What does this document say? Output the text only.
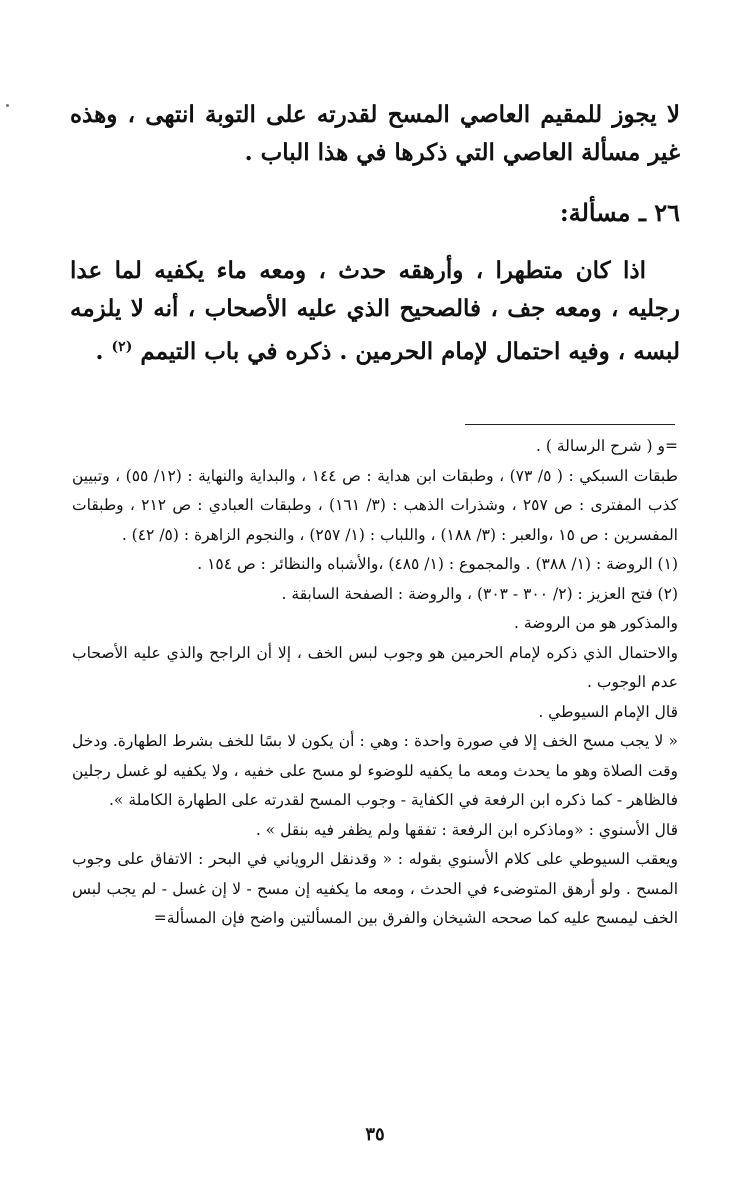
لا يجوز للمقيم العاصي المسح لقدرته على التوبة انتهى ، وهذه غير مسألة العاصي التي ذكرها في هذا الباب .

٢٦ ـ مسألة:

اذا كان متطهرا ، وأرهقه حدث ، ومعه ماء يكفيه لما عدا رجليه ، ومعه جف ، فالصحيح الذي عليه الأصحاب ، أنه لا يلزمه لبسه ، وفيه احتمال لإمام الحرمين . ذكره في باب التيمم $^{(٢)}$ .

=و ( شرح الرسالة ) .

طبقات السبكي : ( ٥/ ٧٣) ، وطبقات ابن هداية : ص ١٤٤ ، والبداية والنهاية : (١٢/ ٥٥) ، وتبيين كذب المفترى : ص ٢٥٧ ، وشذرات الذهب : (٣/ ١٦١) ، وطبقات العبادي : ص ٢١٢ ، وطبقات المفسرين : ص ١٥ ،والعبر : (٣/ ١٨٨) ، واللباب : (١/ ٢٥٧) ، والنجوم الزاهرة : (٥/ ٤٢) .

(١) الروضة : (١/ ٣٨٨) . والمجموع : (١/ ٤٨٥) ،والأشباه والنظائر : ص ١٥٤ .

(٢) فتح العزيز : (٢/ ٣٠٠ - ٣٠٣) ، والروضة : الصفحة السابقة .

والمذكور هو من الروضة .

والاحتمال الذي ذكره لإمام الحرمين هو وجوب لبس الخف ، إلا أن الراجح والذي عليه الأصحاب عدم الوجوب .

قال الإمام السيوطي .

« لا يجب مسح الخف إلا في صورة واحدة : وهي : أن يكون لا بسًا للخف بشرط الطهارة. ودخل وقت الصلاة وهو ما يحدث ومعه ما يكفيه للوضوء لو مسح على خفيه ، ولا يكفيه لو غسل رجلين فالظاهر - كما ذكره ابن الرفعة في الكفاية - وجوب المسح لقدرته على الطهارة الكاملة ».

قال الأسنوي : «وماذكره ابن الرفعة : تفقها ولم يظفر فيه بنقل » .

ويعقب السيوطي على كلام الأسنوي بقوله : « وقدنقل الروياني في البحر : الاتفاق على وجوب المسح . ولو أرهق المتوضىء في الحدث ، ومعه ما يكفيه إن مسح - لا إن غسل - لم يجب لبس الخف ليمسح عليه كما صححه الشيخان والفرق بين المسألتين واضح فإن المسألة=

٣٥
